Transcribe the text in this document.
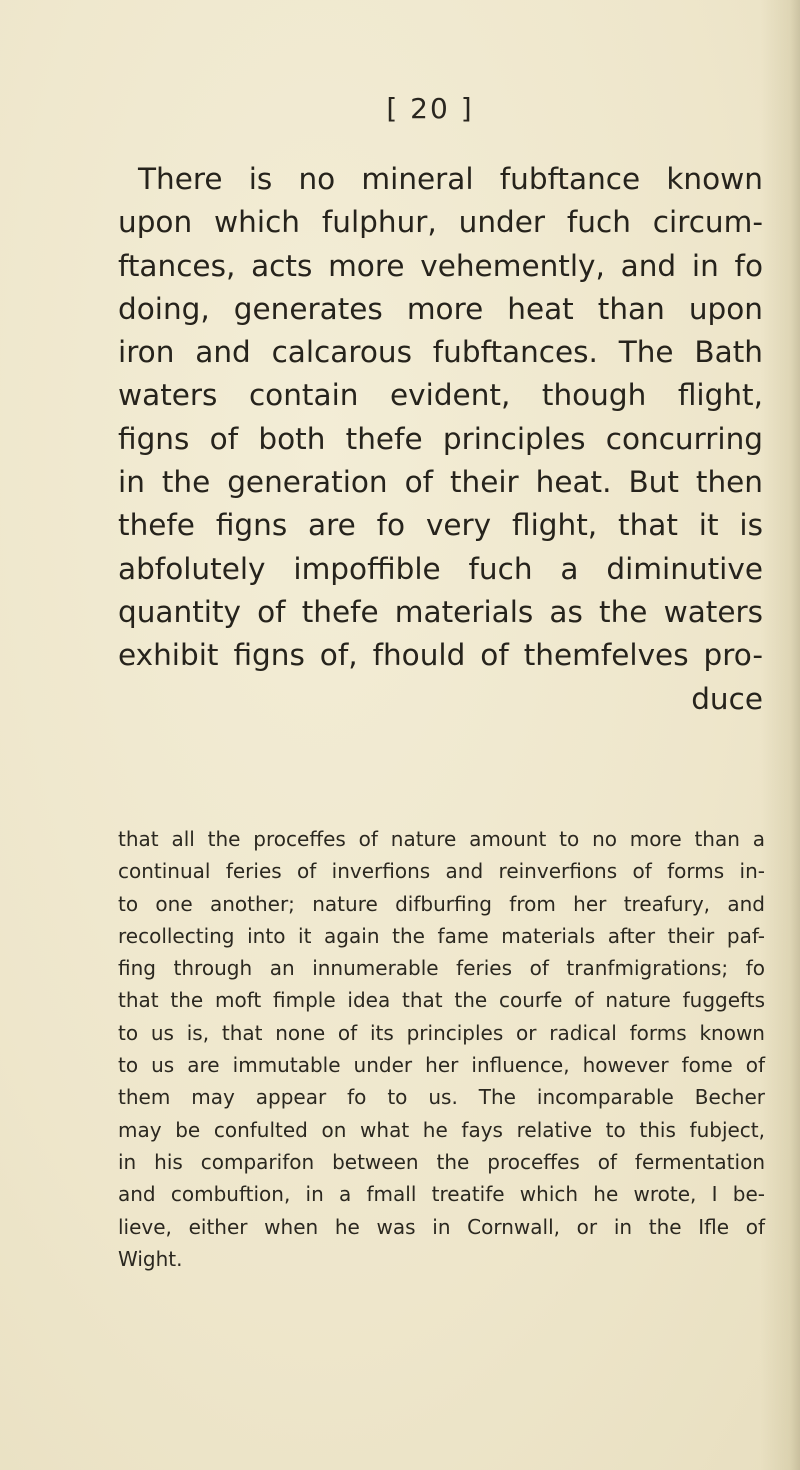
[ 20 ]
There is no mineral fubftance known
upon which fulphur, under fuch circum-
ftances, acts more vehemently, and in fo
doing, generates more heat than upon
iron and calcarous fubftances. The Bath
waters contain evident, though flight,
figns of both thefe principles concurring
in the generation of their heat. But then
thefe figns are fo very flight, that it is
abfolutely impoffible fuch a diminutive
quantity of thefe materials as the waters
exhibit figns of, fhould of themfelves pro-
duce
that all the proceffes of nature amount to no more than a
continual feries of inverfions and reinverfions of forms in-
to one another; nature difburfing from her treafury, and
recollecting into it again the fame materials after their paf-
fing through an innumerable feries of tranfmigrations; fo
that the moft fimple idea that the courfe of nature fuggefts
to us is, that none of its principles or radical forms known
to us are immutable under her influence, however fome of
them may appear fo to us. The incomparable Becher
may be confulted on what he fays relative to this fubject,
in his comparifon between the proceffes of fermentation
and combuftion, in a fmall treatife which he wrote, I be-
lieve, either when he was in Cornwall, or in the Ifle of
Wight.
